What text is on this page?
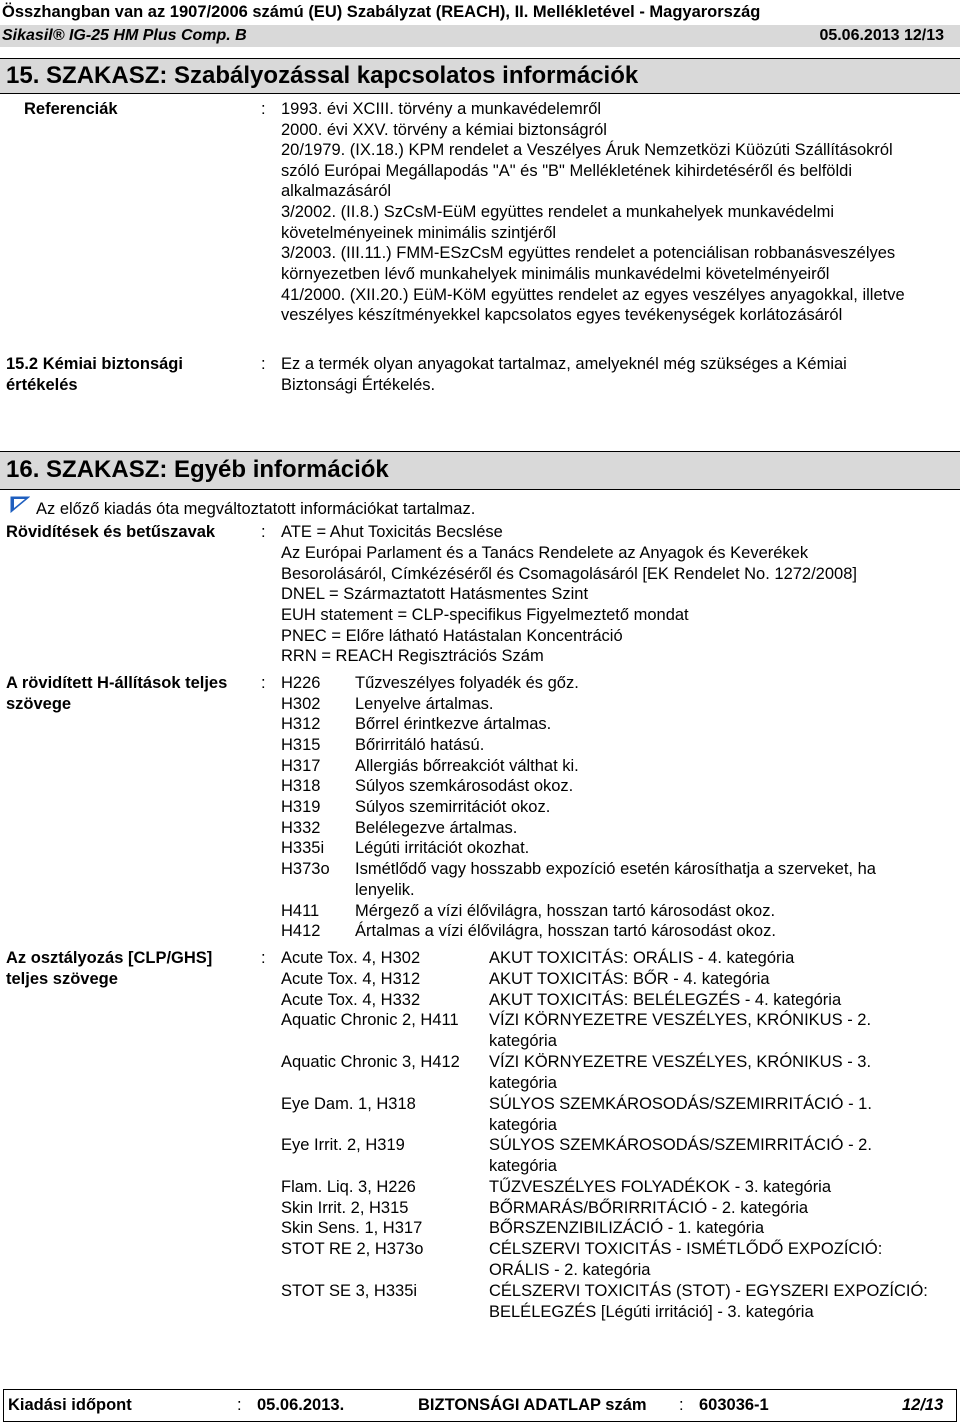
Összhangban van az 1907/2006 számú (EU) Szabályzat (REACH), II. Mellékletével - Magyarország
Sikasil® IG-25 HM Plus Comp. B	05.06.2013 12/13
15. SZAKASZ: Szabályozással kapcsolatos információk
Referenciák	: 1993. évi XCIII. törvény a munkavédelemről
2000. évi XXV. törvény a kémiai biztonságról
20/1979. (IX.18.) KPM rendelet a Veszélyes Áruk Nemzetközi Küözúti Szállításokról
szóló Európai Megállapodás "A" és "B" Mellékletének kihirdetéséről és belföldi
alkalmazásáról
3/2002. (II.8.) SzCsM-EüM együttes rendelet a munkahelyek munkavédelmi
követelményeinek minimális szintjéről
3/2003. (III.11.) FMM-ESzCsM együttes rendelet a potenciálisan robbanásveszélyes
környezetben lévő munkahelyek minimális munkavédelmi követelményeiről
41/2000. (XII.20.) EüM-KöM együttes rendelet az egyes veszélyes anyagokkal, illetve
veszélyes készítményekkel kapcsolatos egyes tevékenységek korlátozásáról
15.2 Kémiai biztonsági
értékelés
: Ez a termék olyan anyagokat tartalmaz, amelyeknél még szükséges a Kémiai
Biztonsági Értékelés.
16. SZAKASZ: Egyéb információk
Az előző kiadás óta megváltoztatott információkat tartalmaz.
Rövidítések és betűszavak	: ATE = Ahut Toxicitás Becslése
Az Európai Parlament és a Tanács Rendelete az Anyagok és Keverékek
Besorolásáról, Címkézéséről és Csomagolásáról [EK Rendelet No. 1272/2008]
DNEL = Származtatott Hatásmentes Szint
EUH statement = CLP-specifikus Figyelmeztető mondat
PNEC = Előre látható Hatástalan Koncentráció
RRN = REACH Regisztrációs Szám
A rövidített H-állítások teljes
szövege
: H226 Tűzveszélyes folyadék és gőz.
H302 Lenyelve ártalmas.
H312 Bőrrel érintkezve ártalmas.
H315 Bőrirritáló hatású.
H317 Allergiás bőrreakciót válthat ki.
H318 Súlyos szemkárosodást okoz.
H319 Súlyos szemirritációt okoz.
H332 Belélegezve ártalmas.
H335i Légúti irritációt okozhat.
H373o Ismétlődő vagy hosszabb expozíció esetén károsíthatja a szerveket, ha lenyelik.
H411 Mérgező a vízi élővilágra, hosszan tartó károsodást okoz.
H412 Ártalmas a vízi élővilágra, hosszan tartó károsodást okoz.
Az osztályozás [CLP/GHS]
teljes szövege
: Acute Tox. 4, H302	AKUT TOXICITÁS: ORÁLIS - 4. kategória
Acute Tox. 4, H312	AKUT TOXICITÁS: BŐR - 4. kategória
Acute Tox. 4, H332	AKUT TOXICITÁS: BELÉLEGZÉS - 4. kategória
Aquatic Chronic 2, H411 VÍZI KÖRNYEZETRE VESZÉLYES, KRÓNIKUS - 2. kategória
Aquatic Chronic 3, H412 VÍZI KÖRNYEZETRE VESZÉLYES, KRÓNIKUS - 3. kategória
Eye Dam. 1, H318	SÚLYOS SZEMKÁROSODÁS/SZEMIRRITÁCIÓ - 1. kategória
Eye Irrit. 2, H319	SÚLYOS SZEMKÁROSODÁS/SZEMIRRITÁCIÓ - 2. kategória
Flam. Liq. 3, H226	TŰZVESZÉLYES FOLYADÉKOK - 3. kategória
Skin Irrit. 2, H315	BŐRMARÁS/BŐRIRRITÁCIÓ - 2. kategória
Skin Sens. 1, H317	BŐRSZENZIBILIZÁCIÓ - 1. kategória
STOT RE 2, H373o	CÉLSZERVI TOXICITÁS - ISMÉTLŐDŐ EXPOZÍCIÓ: ORÁLIS - 2. kategória
STOT SE 3, H335i	CÉLSZERVI TOXICITÁS (STOT) - EGYSZERI EXPOZÍCIÓ: BELÉLEGZÉS [Légúti irritáció] - 3. kategória
Kiadási időpont	: 05.06.2013.	BIZTONSÁGI ADATLAP szám : 603036-1	12/13
